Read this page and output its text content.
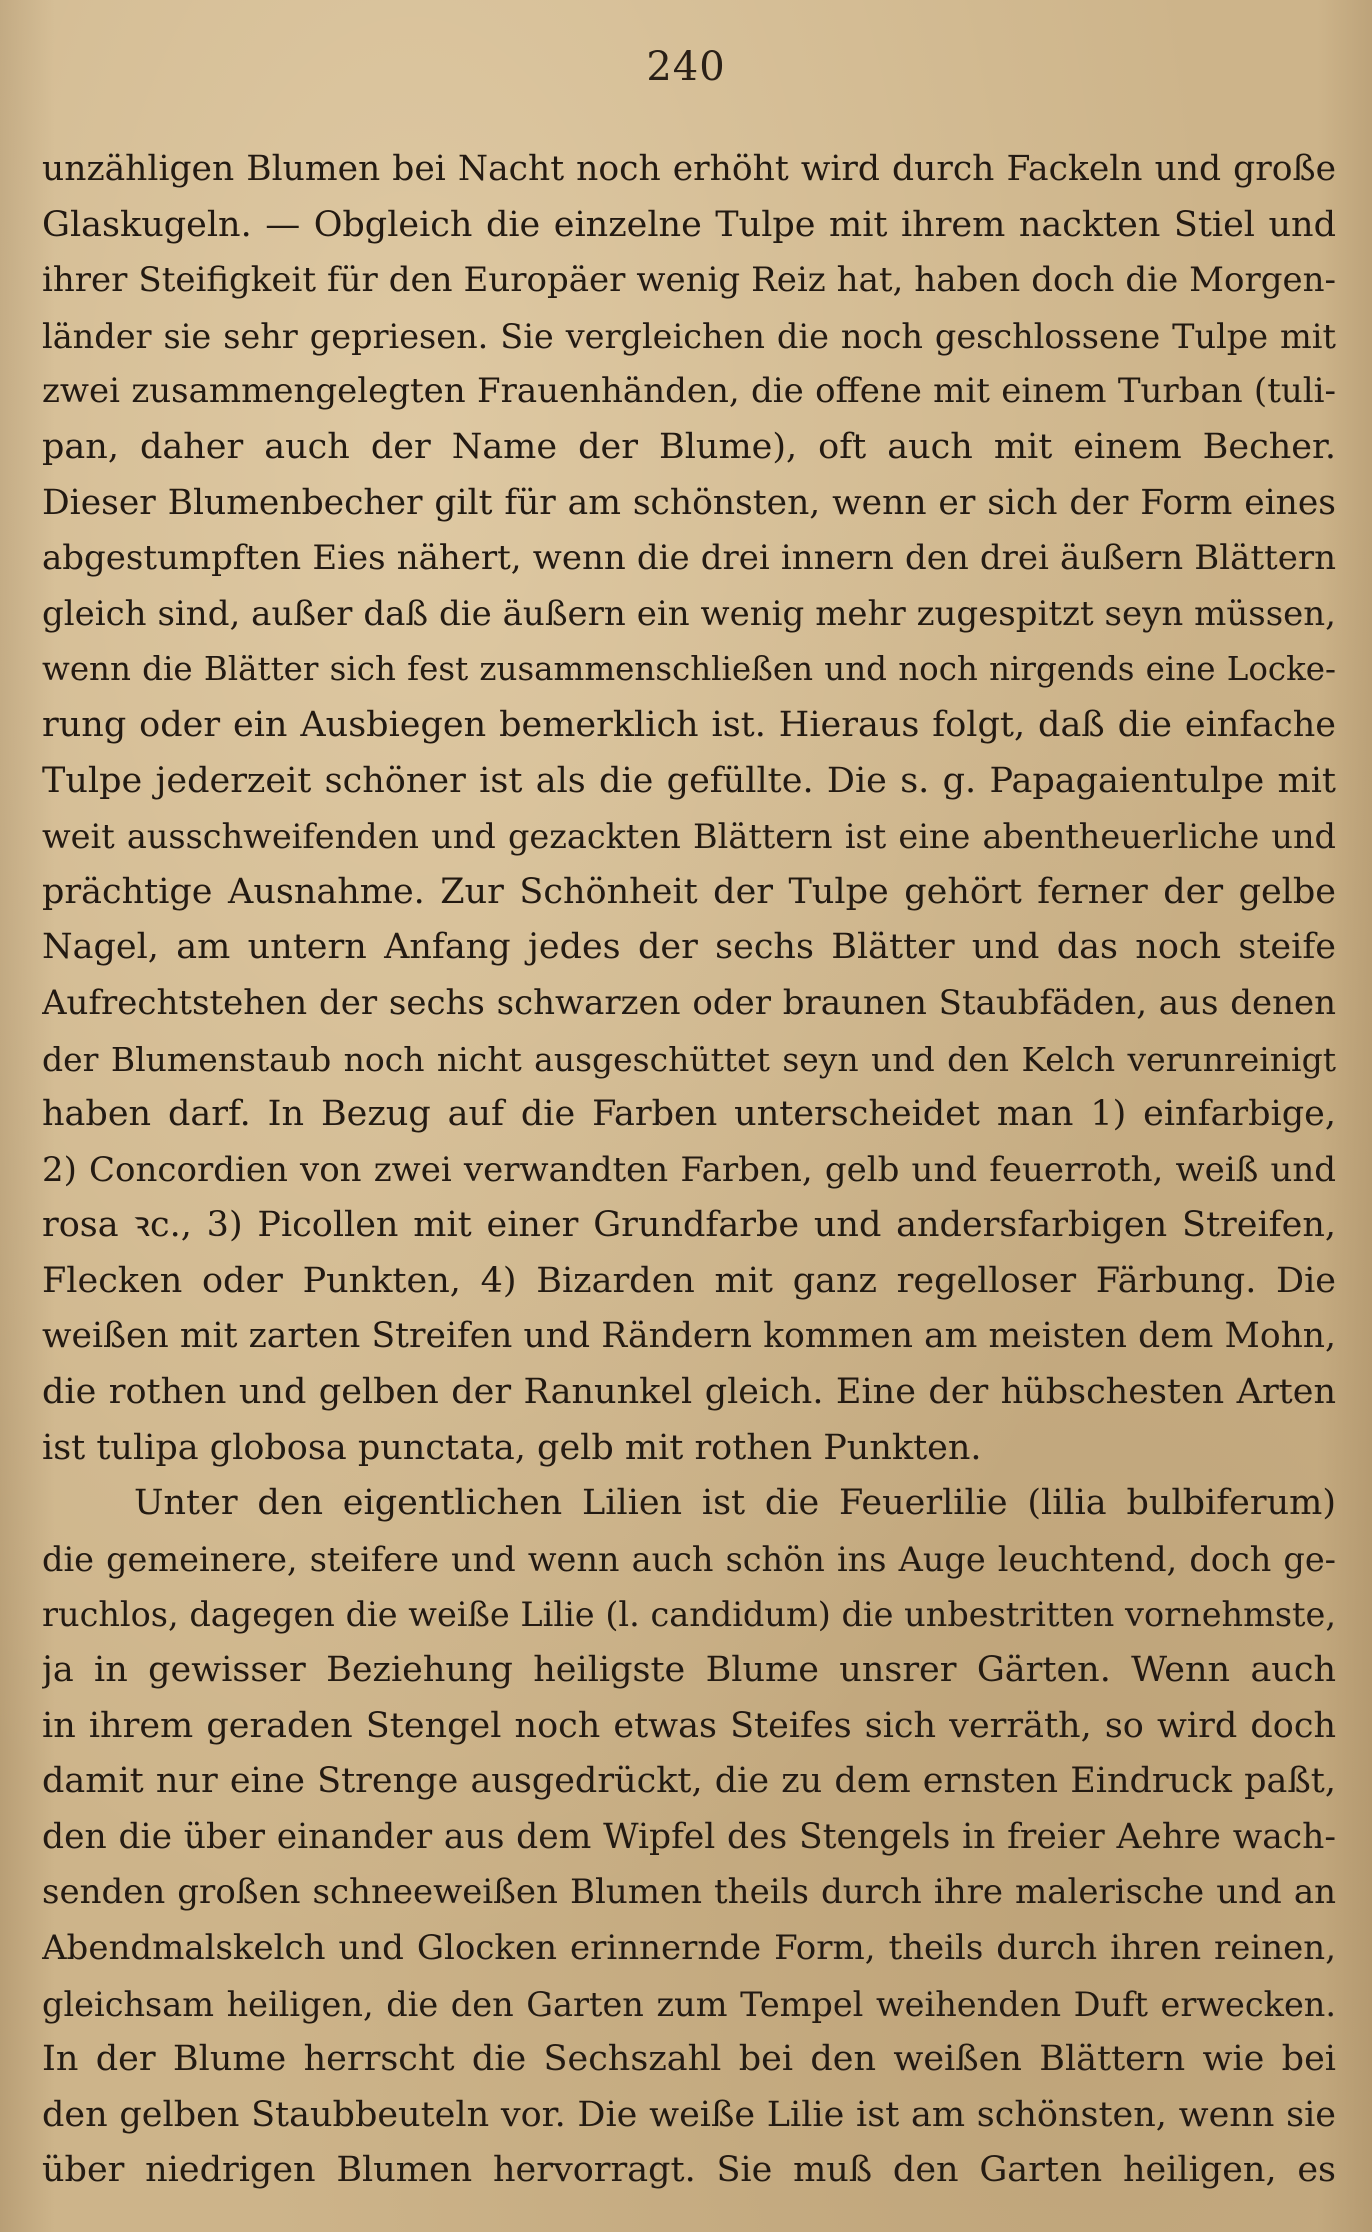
240
unzähligen Blumen bei Nacht noch erhöht wird durch Fackeln und große
Glaskugeln. — Obgleich die einzelne Tulpe mit ihrem nackten Stiel und
ihrer Steifigkeit für den Europäer wenig Reiz hat, haben doch die Morgen-
länder sie sehr gepriesen. Sie vergleichen die noch geschlossene Tulpe mit
zwei zusammengelegten Frauenhänden, die offene mit einem Turban (tuli-
pan, daher auch der Name der Blume), oft auch mit einem Becher.
Dieser Blumenbecher gilt für am schönsten, wenn er sich der Form eines
abgestumpften Eies nähert, wenn die drei innern den drei äußern Blättern
gleich sind, außer daß die äußern ein wenig mehr zugespitzt seyn müssen,
wenn die Blätter sich fest zusammenschließen und noch nirgends eine Locke-
rung oder ein Ausbiegen bemerklich ist. Hieraus folgt, daß die einfache
Tulpe jederzeit schöner ist als die gefüllte. Die s. g. Papagaientulpe mit
weit ausschweifenden und gezackten Blättern ist eine abentheuerliche und
prächtige Ausnahme. Zur Schönheit der Tulpe gehört ferner der gelbe
Nagel, am untern Anfang jedes der sechs Blätter und das noch steife
Aufrechtstehen der sechs schwarzen oder braunen Staubfäden, aus denen
der Blumenstaub noch nicht ausgeschüttet seyn und den Kelch verunreinigt
haben darf. In Bezug auf die Farben unterscheidet man 1) einfarbige,
2) Concordien von zwei verwandten Farben, gelb und feuerroth, weiß und
rosa ꝛc., 3) Picollen mit einer Grundfarbe und andersfarbigen Streifen,
Flecken oder Punkten, 4) Bizarden mit ganz regelloser Färbung. Die
weißen mit zarten Streifen und Rändern kommen am meisten dem Mohn,
die rothen und gelben der Ranunkel gleich. Eine der hübschesten Arten
ist tulipa globosa punctata, gelb mit rothen Punkten.
Unter den eigentlichen Lilien ist die Feuerlilie (lilia bulbiferum)
die gemeinere, steifere und wenn auch schön ins Auge leuchtend, doch ge-
ruchlos, dagegen die weiße Lilie (l. candidum) die unbestritten vornehmste,
ja in gewisser Beziehung heiligste Blume unsrer Gärten. Wenn auch
in ihrem geraden Stengel noch etwas Steifes sich verräth, so wird doch
damit nur eine Strenge ausgedrückt, die zu dem ernsten Eindruck paßt,
den die über einander aus dem Wipfel des Stengels in freier Aehre wach-
senden großen schneeweißen Blumen theils durch ihre malerische und an
Abendmalskelch und Glocken erinnernde Form, theils durch ihren reinen,
gleichsam heiligen, die den Garten zum Tempel weihenden Duft erwecken.
In der Blume herrscht die Sechszahl bei den weißen Blättern wie bei
den gelben Staubbeuteln vor. Die weiße Lilie ist am schönsten, wenn sie
über niedrigen Blumen hervorragt. Sie muß den Garten heiligen, es
